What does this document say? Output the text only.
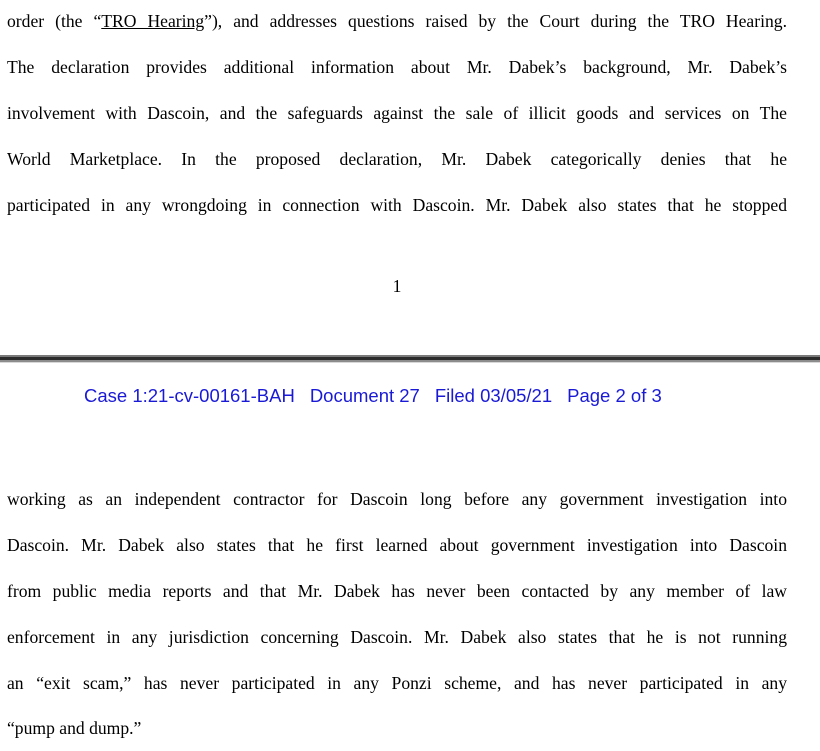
order (the “TRO Hearing”), and addresses questions raised by the Court during the TRO Hearing.
The declaration provides additional information about Mr. Dabek’s background, Mr. Dabek’s
involvement with Dascoin, and the safeguards against the sale of illicit goods and services on The
World Marketplace. In the proposed declaration, Mr. Dabek categorically denies that he
participated in any wrongdoing in connection with Dascoin. Mr. Dabek also states that he stopped
1
Case 1:21-cv-00161-BAH Document 27 Filed 03/05/21 Page 2 of 3
working as an independent contractor for Dascoin long before any government investigation into
Dascoin. Mr. Dabek also states that he first learned about government investigation into Dascoin
from public media reports and that Mr. Dabek has never been contacted by any member of law
enforcement in any jurisdiction concerning Dascoin. Mr. Dabek also states that he is not running
an “exit scam,” has never participated in any Ponzi scheme, and has never participated in any
“pump and dump.”
